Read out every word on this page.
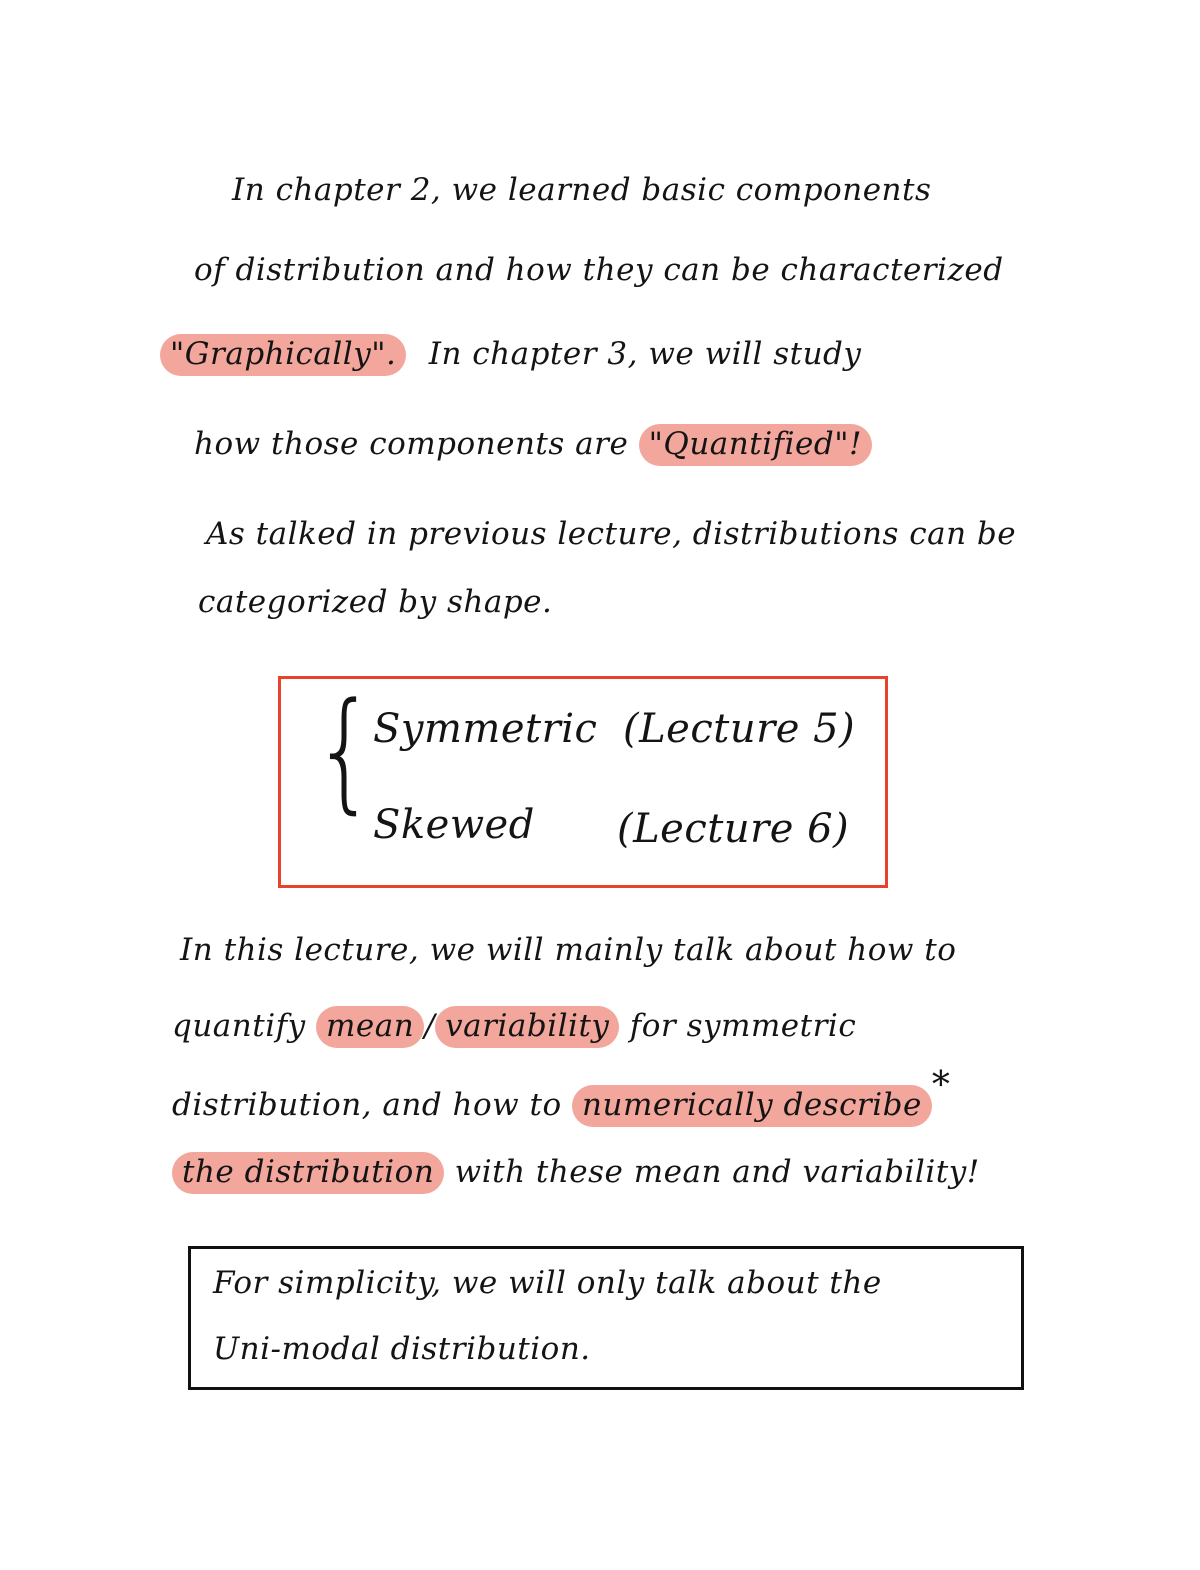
In chapter 2, we learned basic components
of distribution and how they can be characterized
"Graphically". In chapter 3, we will study
how those components are "Quantified"!
As talked in previous lecture, distributions can be
categorized by shape.
{
Symmetric (Lecture 5)
Skewed (Lecture 6)
In this lecture, we will mainly talk about how to
quantify mean / variability for symmetric
distribution, and how to numerically describe *
the distribution with these mean and variability!
For simplicity, we will only talk about the
Uni-modal distribution.
